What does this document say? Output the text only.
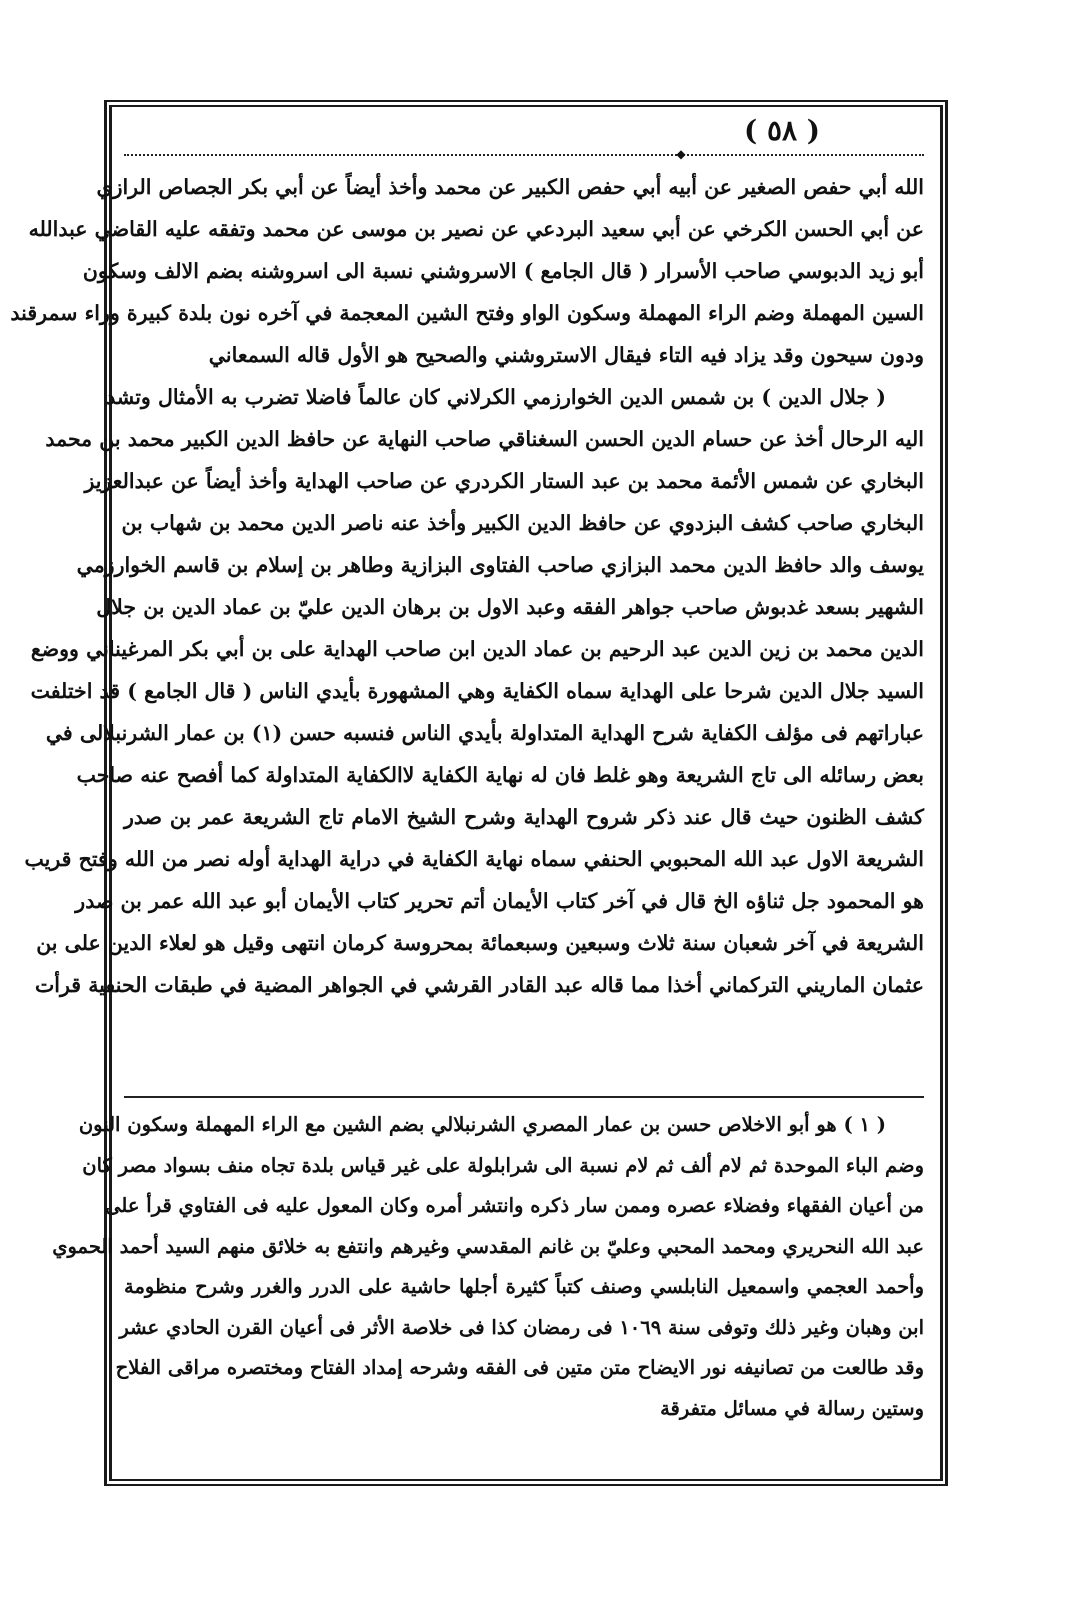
( ٥٨ )
◆
الله أبي حفص الصغير عن أبيه أبي حفص الكبير عن محمد وأخذ أيضاً عن أبي بكر الجصاص الرازي
عن أبي الحسن الكرخي عن أبي سعيد البردعي عن نصير بن موسى عن محمد وتفقه عليه القاضي عبدالله
أبو زيد الدبوسي صاحب الأسرار ( قال الجامع ) الاسروشني نسبة الى اسروشنه بضم الالف وسكون
السين المهملة وضم الراء المهملة وسكون الواو وفتح الشين المعجمة في آخره نون بلدة كبيرة وراء سمرقند
ودون سيحون وقد يزاد فيه التاء فيقال الاستروشني والصحيح هو الأول قاله السمعاني
( جلال الدين ) بن شمس الدين الخوارزمي الكرلاني كان عالماً فاضلا تضرب به الأمثال وتشد
اليه الرحال أخذ عن حسام الدين الحسن السغناقي صاحب النهاية عن حافظ الدين الكبير محمد بن محمد
البخاري عن شمس الأئمة محمد بن عبد الستار الكردري عن صاحب الهداية وأخذ أيضاً عن عبدالعزيز
البخاري صاحب كشف البزدوي عن حافظ الدين الكبير وأخذ عنه ناصر الدين محمد بن شهاب بن
يوسف والد حافظ الدين محمد البزازي صاحب الفتاوى البزازية وطاهر بن إسلام بن قاسم الخوارزمي
الشهير بسعد غدبوش صاحب جواهر الفقه وعبد الاول بن برهان الدين عليّ بن عماد الدين بن جلال
الدين محمد بن زين الدين عبد الرحيم بن عماد الدين ابن صاحب الهداية على بن أبي بكر المرغيناني ووضع
السيد جلال الدين شرحا على الهداية سماه الكفاية وهي المشهورة بأيدي الناس ( قال الجامع ) قد اختلفت
عباراتهم فى مؤلف الكفاية شرح الهداية المتداولة بأيدي الناس فنسبه حسن (١) بن عمار الشرنبلالى في
بعض رسائله الى تاج الشريعة وهو غلط فان له نهاية الكفاية لاالكفاية المتداولة كما أفصح عنه صاحب
كشف الظنون حيث قال عند ذكر شروح الهداية وشرح الشيخ الامام تاج الشريعة عمر بن صدر
الشريعة الاول عبد الله المحبوبي الحنفي سماه نهاية الكفاية في دراية الهداية أوله نصر من الله وفتح قريب
هو المحمود جل ثناؤه الخ قال في آخر كتاب الأيمان أتم تحرير كتاب الأيمان أبو عبد الله عمر بن صدر
الشريعة في آخر شعبان سنة ثلاث وسبعين وسبعمائة بمحروسة كرمان انتهى وقيل هو لعلاء الدين على بن
عثمان الماريني التركماني أخذا مما قاله عبد القادر القرشي في الجواهر المضية في طبقات الحنفية قرأت
( ١ ) هو أبو الاخلاص حسن بن عمار المصري الشرنبلالي بضم الشين مع الراء المهملة وسكون النون
وضم الباء الموحدة ثم لام ألف ثم لام نسبة الى شرابلولة على غير قياس بلدة تجاه منف بسواد مصر كان
من أعيان الفقهاء وفضلاء عصره وممن سار ذكره وانتشر أمره وكان المعول عليه فى الفتاوي قرأ على
عبد الله النحريري ومحمد المحبي وعليّ بن غانم المقدسي وغيرهم وانتفع به خلائق منهم السيد أحمد الحموي
وأحمد العجمي واسمعيل النابلسي وصنف كتباً كثيرة أجلها حاشية على الدرر والغرر وشرح منظومة
ابن وهبان وغير ذلك وتوفى سنة ١٠٦٩ فى رمضان كذا فى خلاصة الأثر فى أعيان القرن الحادي عشر
وقد طالعت من تصانيفه نور الايضاح متن متين فى الفقه وشرحه إمداد الفتاح ومختصره مراقى الفلاح
وستين رسالة في مسائل متفرقة
